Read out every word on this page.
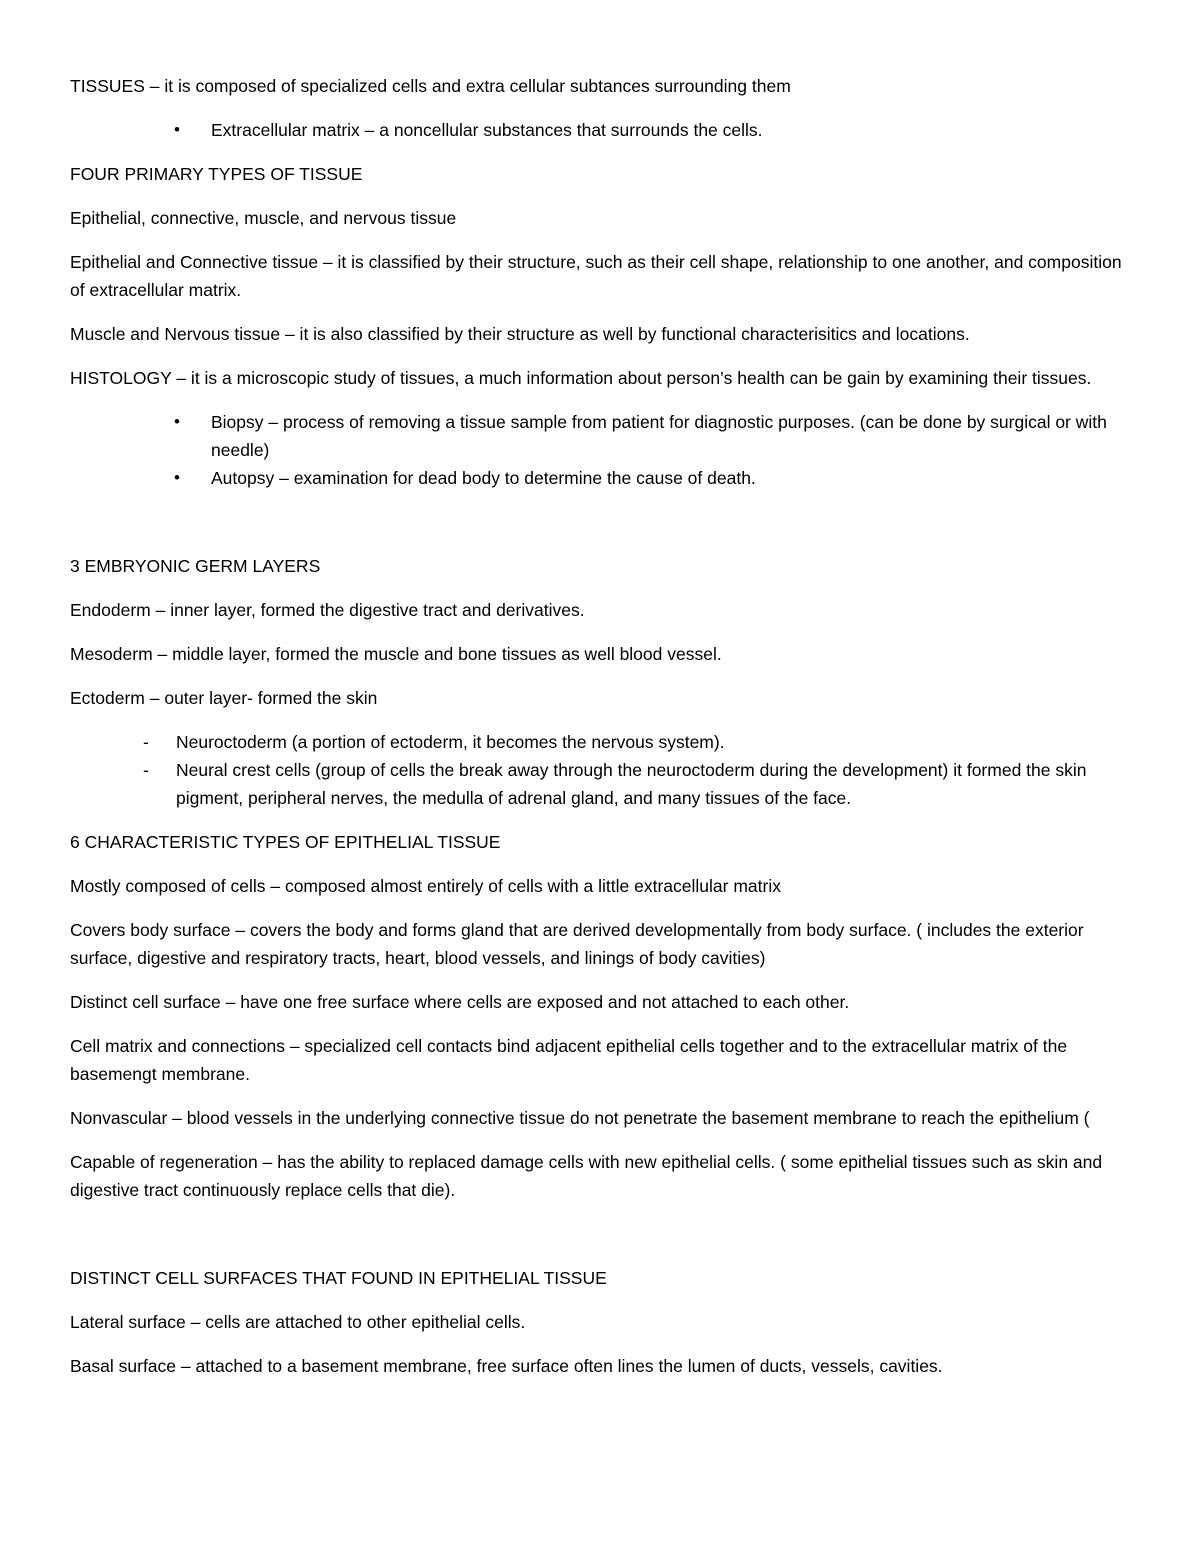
TISSUES – it is composed of specialized cells and extra cellular subtances surrounding them

• Extracellular matrix – a noncellular substances that surrounds the cells.

FOUR PRIMARY TYPES OF TISSUE

Epithelial, connective, muscle, and nervous tissue

Epithelial and Connective tissue – it is classified by their structure, such as their cell shape, relationship to one another, and composition of extracellular matrix.

Muscle and Nervous tissue – it is also classified by their structure as well by functional characterisitics and locations.

HISTOLOGY – it is a microscopic study of tissues, a much information about person’s health can be gain by examining their tissues.

• Biopsy – process of removing a tissue sample from patient for diagnostic purposes. (can be done by surgical or with needle)
• Autopsy – examination for dead body to determine the cause of death.

3 EMBRYONIC GERM LAYERS

Endoderm – inner layer, formed the digestive tract and derivatives.

Mesoderm – middle layer, formed the muscle and bone tissues as well blood vessel.

Ectoderm – outer layer- formed the skin

- Neuroctoderm (a portion of ectoderm, it becomes the nervous system).
- Neural crest cells (group of cells the break away through the neuroctoderm during the development) it formed the skin pigment, peripheral nerves, the medulla of adrenal gland, and many tissues of the face.

6 CHARACTERISTIC TYPES OF EPITHELIAL TISSUE

Mostly composed of cells – composed almost entirely of cells with a little extracellular matrix

Covers body surface – covers the body and forms gland that are derived developmentally from body surface. ( includes the exterior surface, digestive and respiratory tracts, heart, blood vessels, and linings of body cavities)

Distinct cell surface – have one free surface where cells are exposed and not attached to each other.

Cell matrix and connections – specialized cell contacts bind adjacent epithelial cells together and to the extracellular matrix of the basemengt membrane.

Nonvascular – blood vessels in the underlying connective tissue do not penetrate the basement membrane to reach the epithelium (

Capable of regeneration – has the ability to replaced damage cells with new epithelial cells. ( some epithelial tissues such as skin and digestive tract continuously replace cells that die).

DISTINCT CELL SURFACES THAT FOUND IN EPITHELIAL TISSUE

Lateral surface – cells are attached to other epithelial cells.

Basal surface – attached to a basement membrane, free surface often lines the lumen of ducts, vessels, cavities.
